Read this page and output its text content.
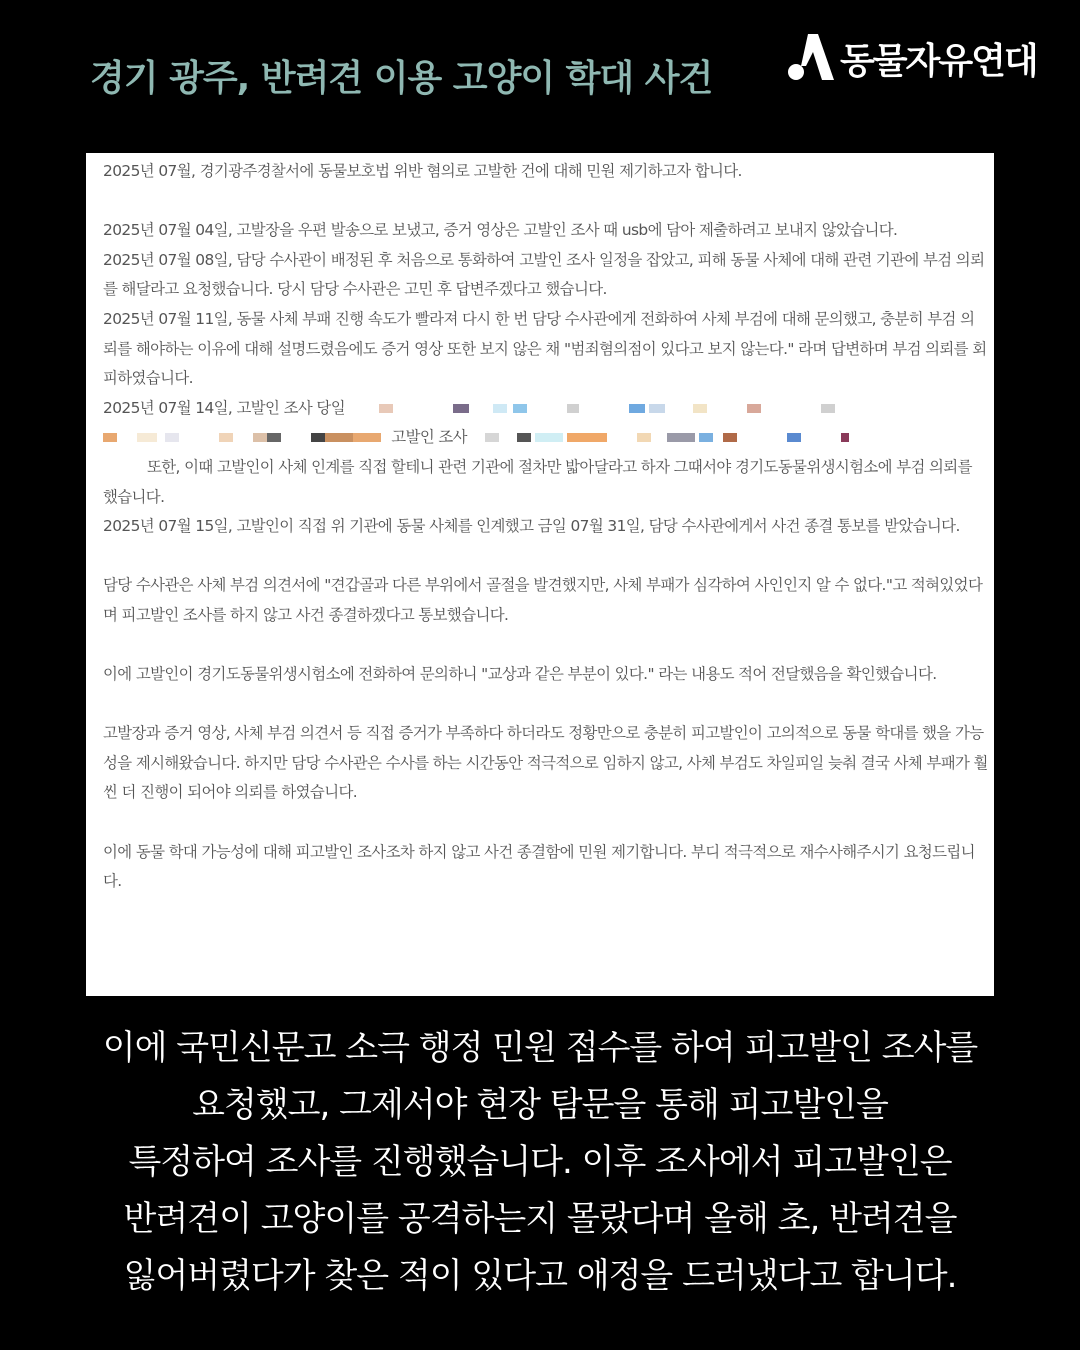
경기 광주, 반려견 이용 고양이 학대 사건	동물자유연대

2025년 07월, 경기광주경찰서에 동물보호법 위반 혐의로 고발한 건에 대해 민원 제기하고자 합니다.

2025년 07월 04일, 고발장을 우편 발송으로 보냈고, 증거 영상은 고발인 조사 때 usb에 담아 제출하려고 보내지 않았습니다.

2025년 07월 08일, 담당 수사관이 배정된 후 처음으로 통화하여 고발인 조사 일정을 잡았고, 피해 동물 사체에 대해 관련 기관에 부검 의뢰를 해달라고 요청했습니다. 당시 담당 수사관은 고민 후 답변주겠다고 했습니다.

2025년 07월 11일, 동물 사체 부패 진행 속도가 빨라져 다시 한 번 담당 수사관에게 전화하여 사체 부검에 대해 문의했고, 충분히 부검 의뢰를 해야하는 이유에 대해 설명드렸음에도 증거 영상 또한 보지 않은 채 "범죄혐의점이 있다고 보지 않는다." 라며 답변하며 부검 의뢰를 회피하였습니다.

2025년 07월 14일, 고발인 조사 당일
고발인 조사

또한, 이때 고발인이 사체 인계를 직접 할테니 관련 기관에 절차만 밟아달라고 하자 그때서야 경기도동물위생시험소에 부검 의뢰를 했습니다.

2025년 07월 15일, 고발인이 직접 위 기관에 동물 사체를 인계했고 금일 07월 31일, 담당 수사관에게서 사건 종결 통보를 받았습니다.

담당 수사관은 사체 부검 의견서에 "견갑골과 다른 부위에서 골절을 발견했지만, 사체 부패가 심각하여 사인인지 알 수 없다."고 적혀있었다며 피고발인 조사를 하지 않고 사건 종결하겠다고 통보했습니다.

이에 고발인이 경기도동물위생시험소에 전화하여 문의하니 "교상과 같은 부분이 있다." 라는 내용도 적어 전달했음을 확인했습니다.

고발장과 증거 영상, 사체 부검 의견서 등 직접 증거가 부족하다 하더라도 정황만으로 충분히 피고발인이 고의적으로 동물 학대를 했을 가능성을 제시해왔습니다. 하지만 담당 수사관은 수사를 하는 시간동안 적극적으로 임하지 않고, 사체 부검도 차일피일 늦춰 결국 사체 부패가 훨씬 더 진행이 되어야 의뢰를 하였습니다.

이에 동물 학대 가능성에 대해 피고발인 조사조차 하지 않고 사건 종결함에 민원 제기합니다. 부디 적극적으로 재수사해주시기 요청드립니다.

이에 국민신문고 소극 행정 민원 접수를 하여 피고발인 조사를
요청했고, 그제서야 현장 탐문을 통해 피고발인을
특정하여 조사를 진행했습니다. 이후 조사에서 피고발인은
반려견이 고양이를 공격하는지 몰랐다며 올해 초, 반려견을
잃어버렸다가 찾은 적이 있다고 애정을 드러냈다고 합니다.
